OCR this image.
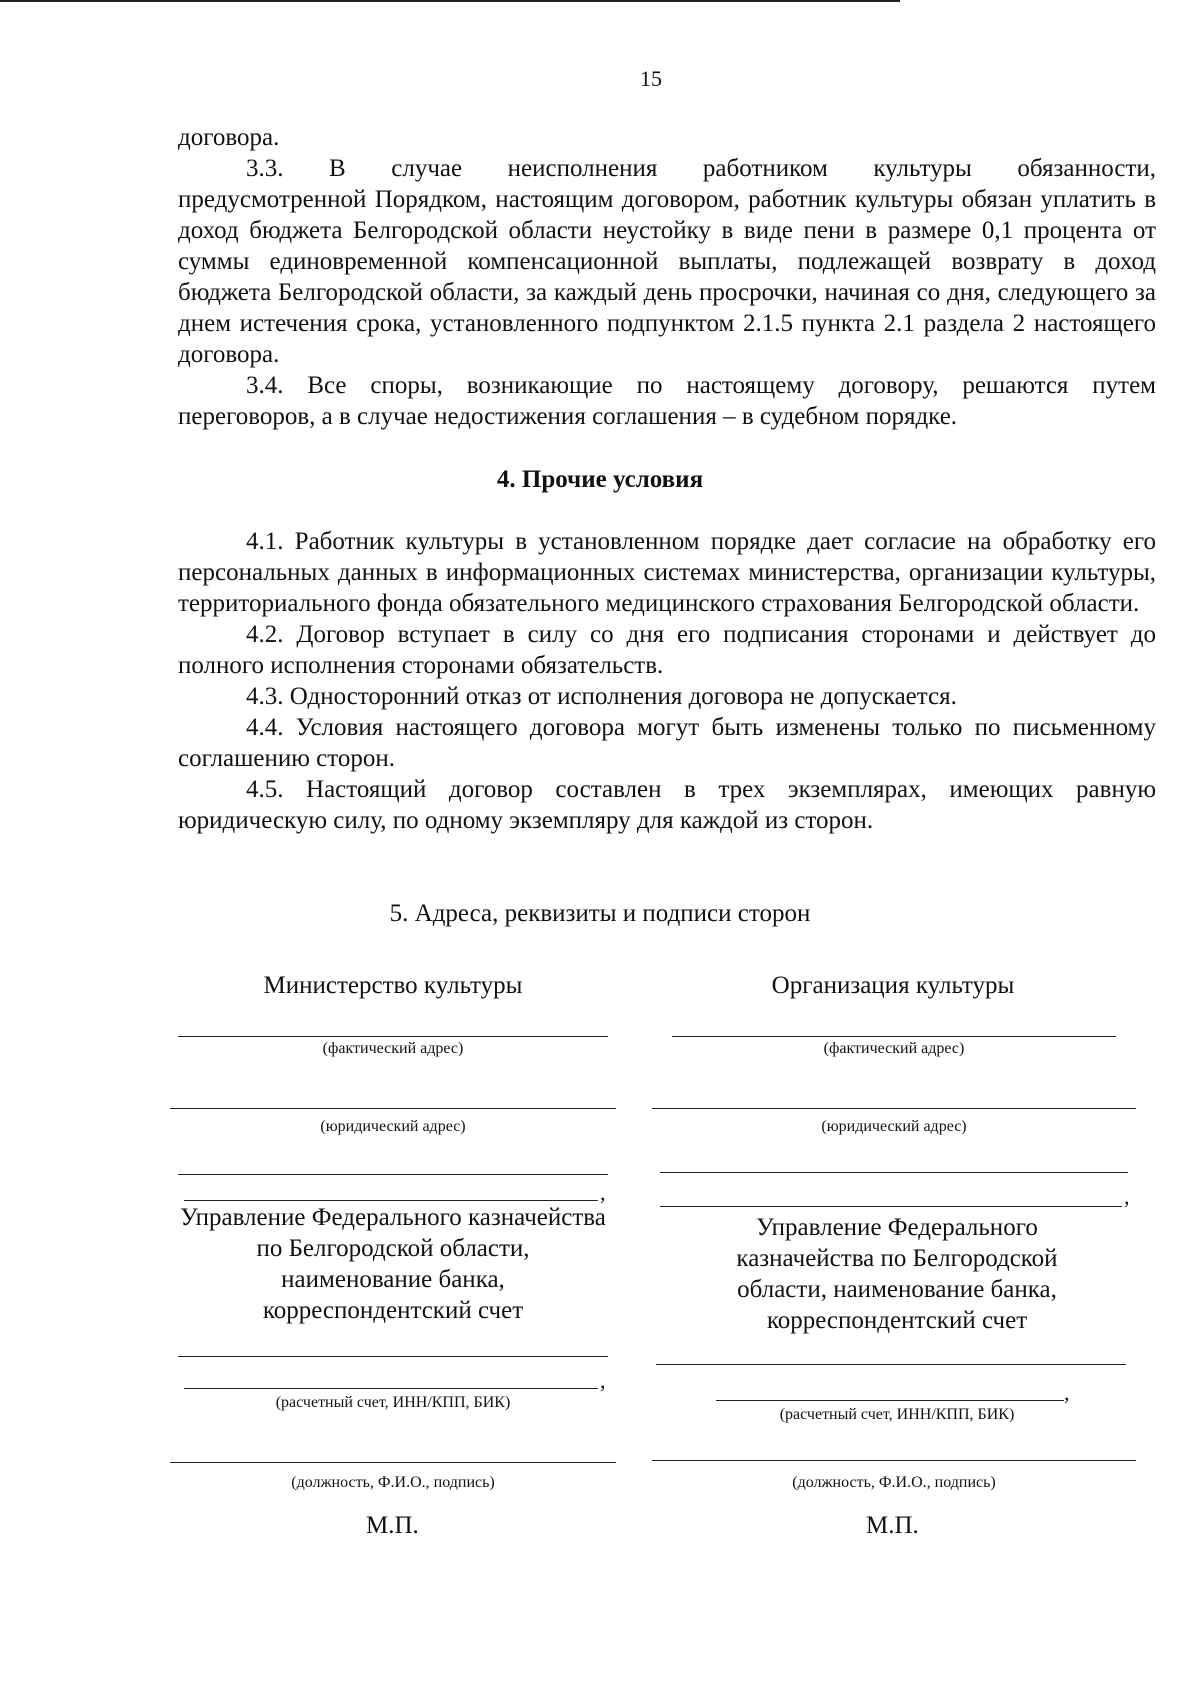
15

договора.

3.3. В случае неисполнения работником культуры обязанности,

предусмотренной Порядком, настоящим договором, работник культуры обязан уплатить в доход бюджета Белгородской области неустойку в виде пени в размере 0,1 процента от суммы единовременной компенсационной выплаты, подлежащей возврату в доход бюджета Белгородской области, за каждый день просрочки, начиная со дня, следующего за днем истечения срока, установленного подпунктом 2.1.5 пункта 2.1 раздела 2 настоящего договора.

3.4. Все споры, возникающие по настоящему договору, решаются путем переговоров, а в случае недостижения соглашения – в судебном порядке.

4. Прочие условия

4.1. Работник культуры в установленном порядке дает согласие на обработку его персональных данных в информационных системах министерства, организации культуры, территориального фонда обязательного медицинского страхования Белгородской области.

4.2. Договор вступает в силу со дня его подписания сторонами и действует до полного исполнения сторонами обязательств.

4.3. Односторонний отказ от исполнения договора не допускается.

4.4. Условия настоящего договора могут быть изменены только по письменному соглашению сторон.

4.5. Настоящий договор составлен в трех экземплярах, имеющих равную юридическую силу, по одному экземпляру для каждой из сторон.

5. Адреса, реквизиты и подписи сторон
Министерство культуры
(фактический адрес)
(юридический адрес)
,
Управление Федерального казначейства по Белгородской области, наименование банка, корреспондентский счет
,
(расчетный счет, ИНН/КПП, БИК)
(должность, Ф.И.О., подпись)
М.П.
Организация культуры
(фактический адрес)
(юридический адрес)
,
Управление Федерального казначейства по Белгородской области, наименование банка, корреспондентский счет
,
(расчетный счет, ИНН/КПП, БИК)
(должность, Ф.И.О., подпись)
М.П.
